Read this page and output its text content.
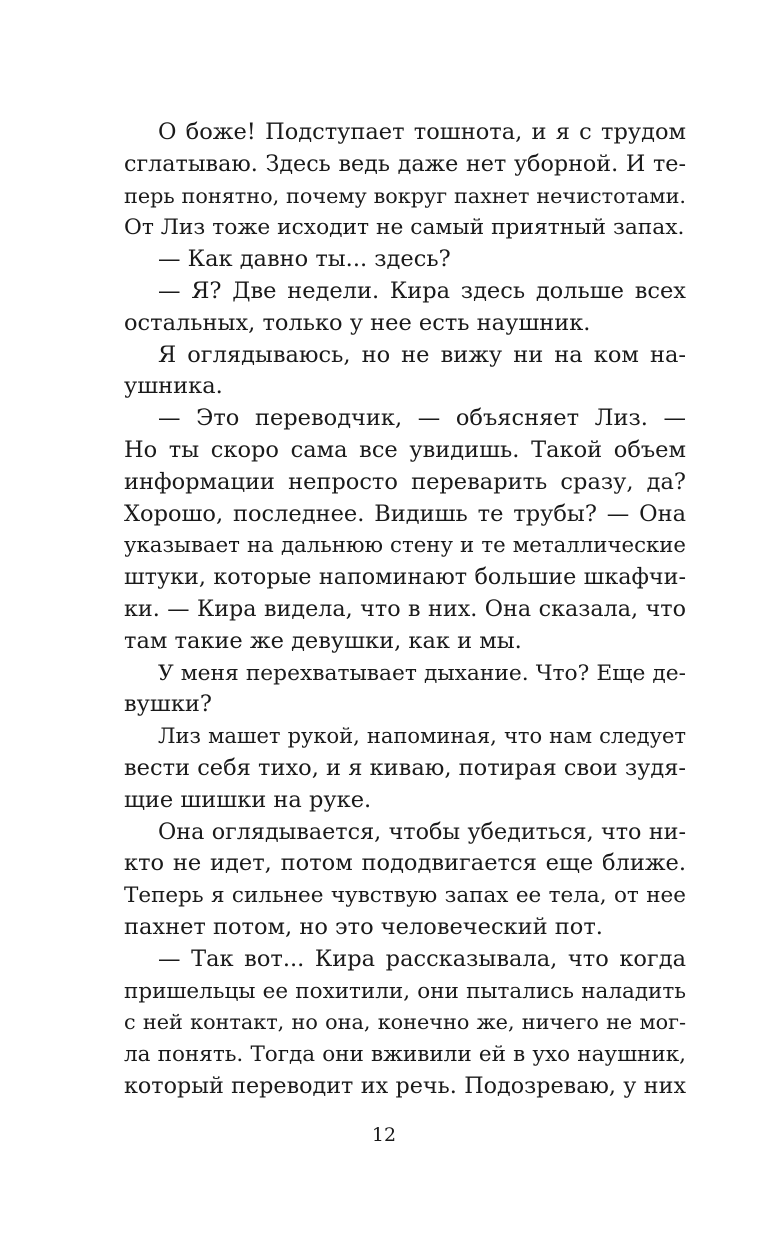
О боже! Подступает тошнота, и я с трудом
сглатываю. Здесь ведь даже нет уборной. И те-
перь понятно, почему вокруг пахнет нечистотами.
От Лиз тоже исходит не самый приятный запах.
— Как давно ты... здесь?
— Я? Две недели. Кира здесь дольше всех
остальных, только у нее есть наушник.
Я оглядываюсь, но не вижу ни на ком на-
ушника.
— Это переводчик, — объясняет Лиз. —
Но ты скоро сама все увидишь. Такой объем
информации непросто переварить сразу, да?
Хорошо, последнее. Видишь те трубы? — Она
указывает на дальнюю стену и те металлические
штуки, которые напоминают большие шкафчи-
ки. — Кира видела, что в них. Она сказала, что
там такие же девушки, как и мы.
У меня перехватывает дыхание. Что? Еще де-
вушки?
Лиз машет рукой, напоминая, что нам следует
вести себя тихо, и я киваю, потирая свои зудя-
щие шишки на руке.
Она оглядывается, чтобы убедиться, что ни-
кто не идет, потом пододвигается еще ближе.
Теперь я сильнее чувствую запах ее тела, от нее
пахнет потом, но это человеческий пот.
— Так вот... Кира рассказывала, что когда
пришельцы ее похитили, они пытались наладить
с ней контакт, но она, конечно же, ничего не мог-
ла понять. Тогда они вживили ей в ухо наушник,
который переводит их речь. Подозреваю, у них
12
